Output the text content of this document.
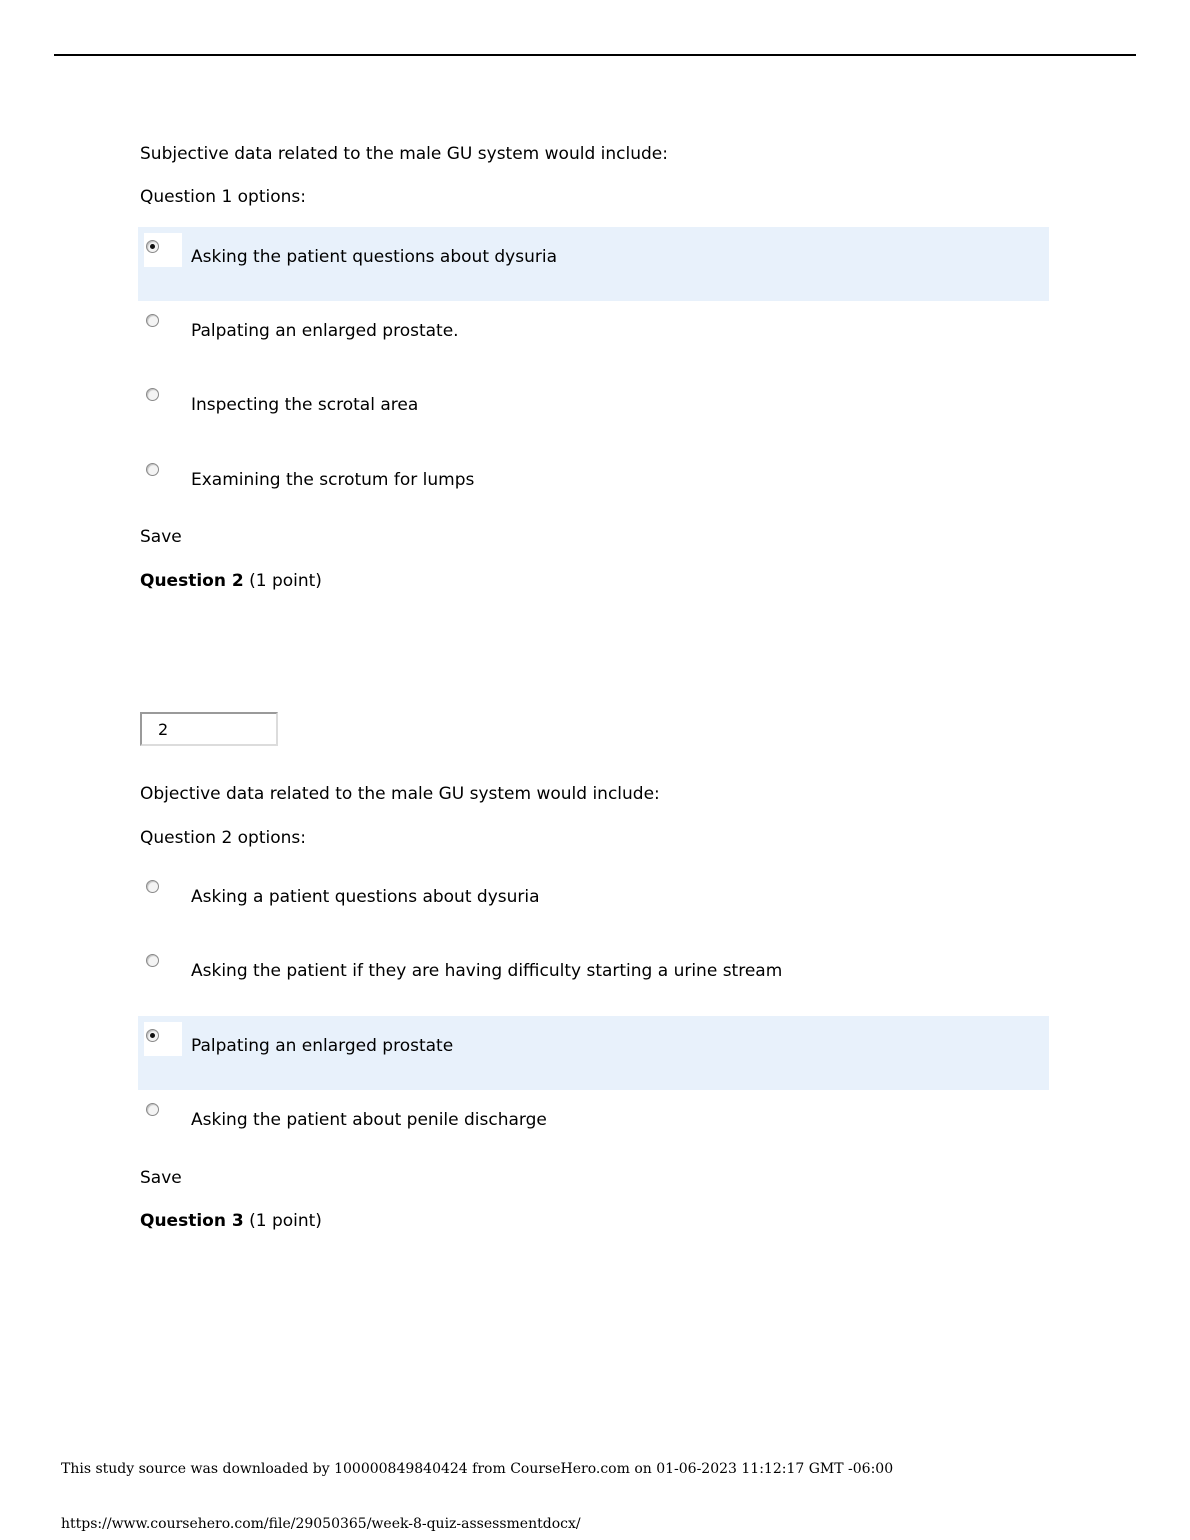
Subjective data related to the male GU system would include:
Question 1 options:
Asking the patient questions about dysuria
Palpating an enlarged prostate.
Inspecting the scrotal area
Examining the scrotum for lumps
Save
Question 2 (1 point)
2
Objective data related to the male GU system would include:
Question 2 options:
Asking a patient questions about dysuria
Asking the patient if they are having difficulty starting a urine stream
Palpating an enlarged prostate
Asking the patient about penile discharge
Save
Question 3 (1 point)
This study source was downloaded by 100000849840424 from CourseHero.com on 01-06-2023 11:12:17 GMT -06:00
https://www.coursehero.com/file/29050365/week-8-quiz-assessmentdocx/
